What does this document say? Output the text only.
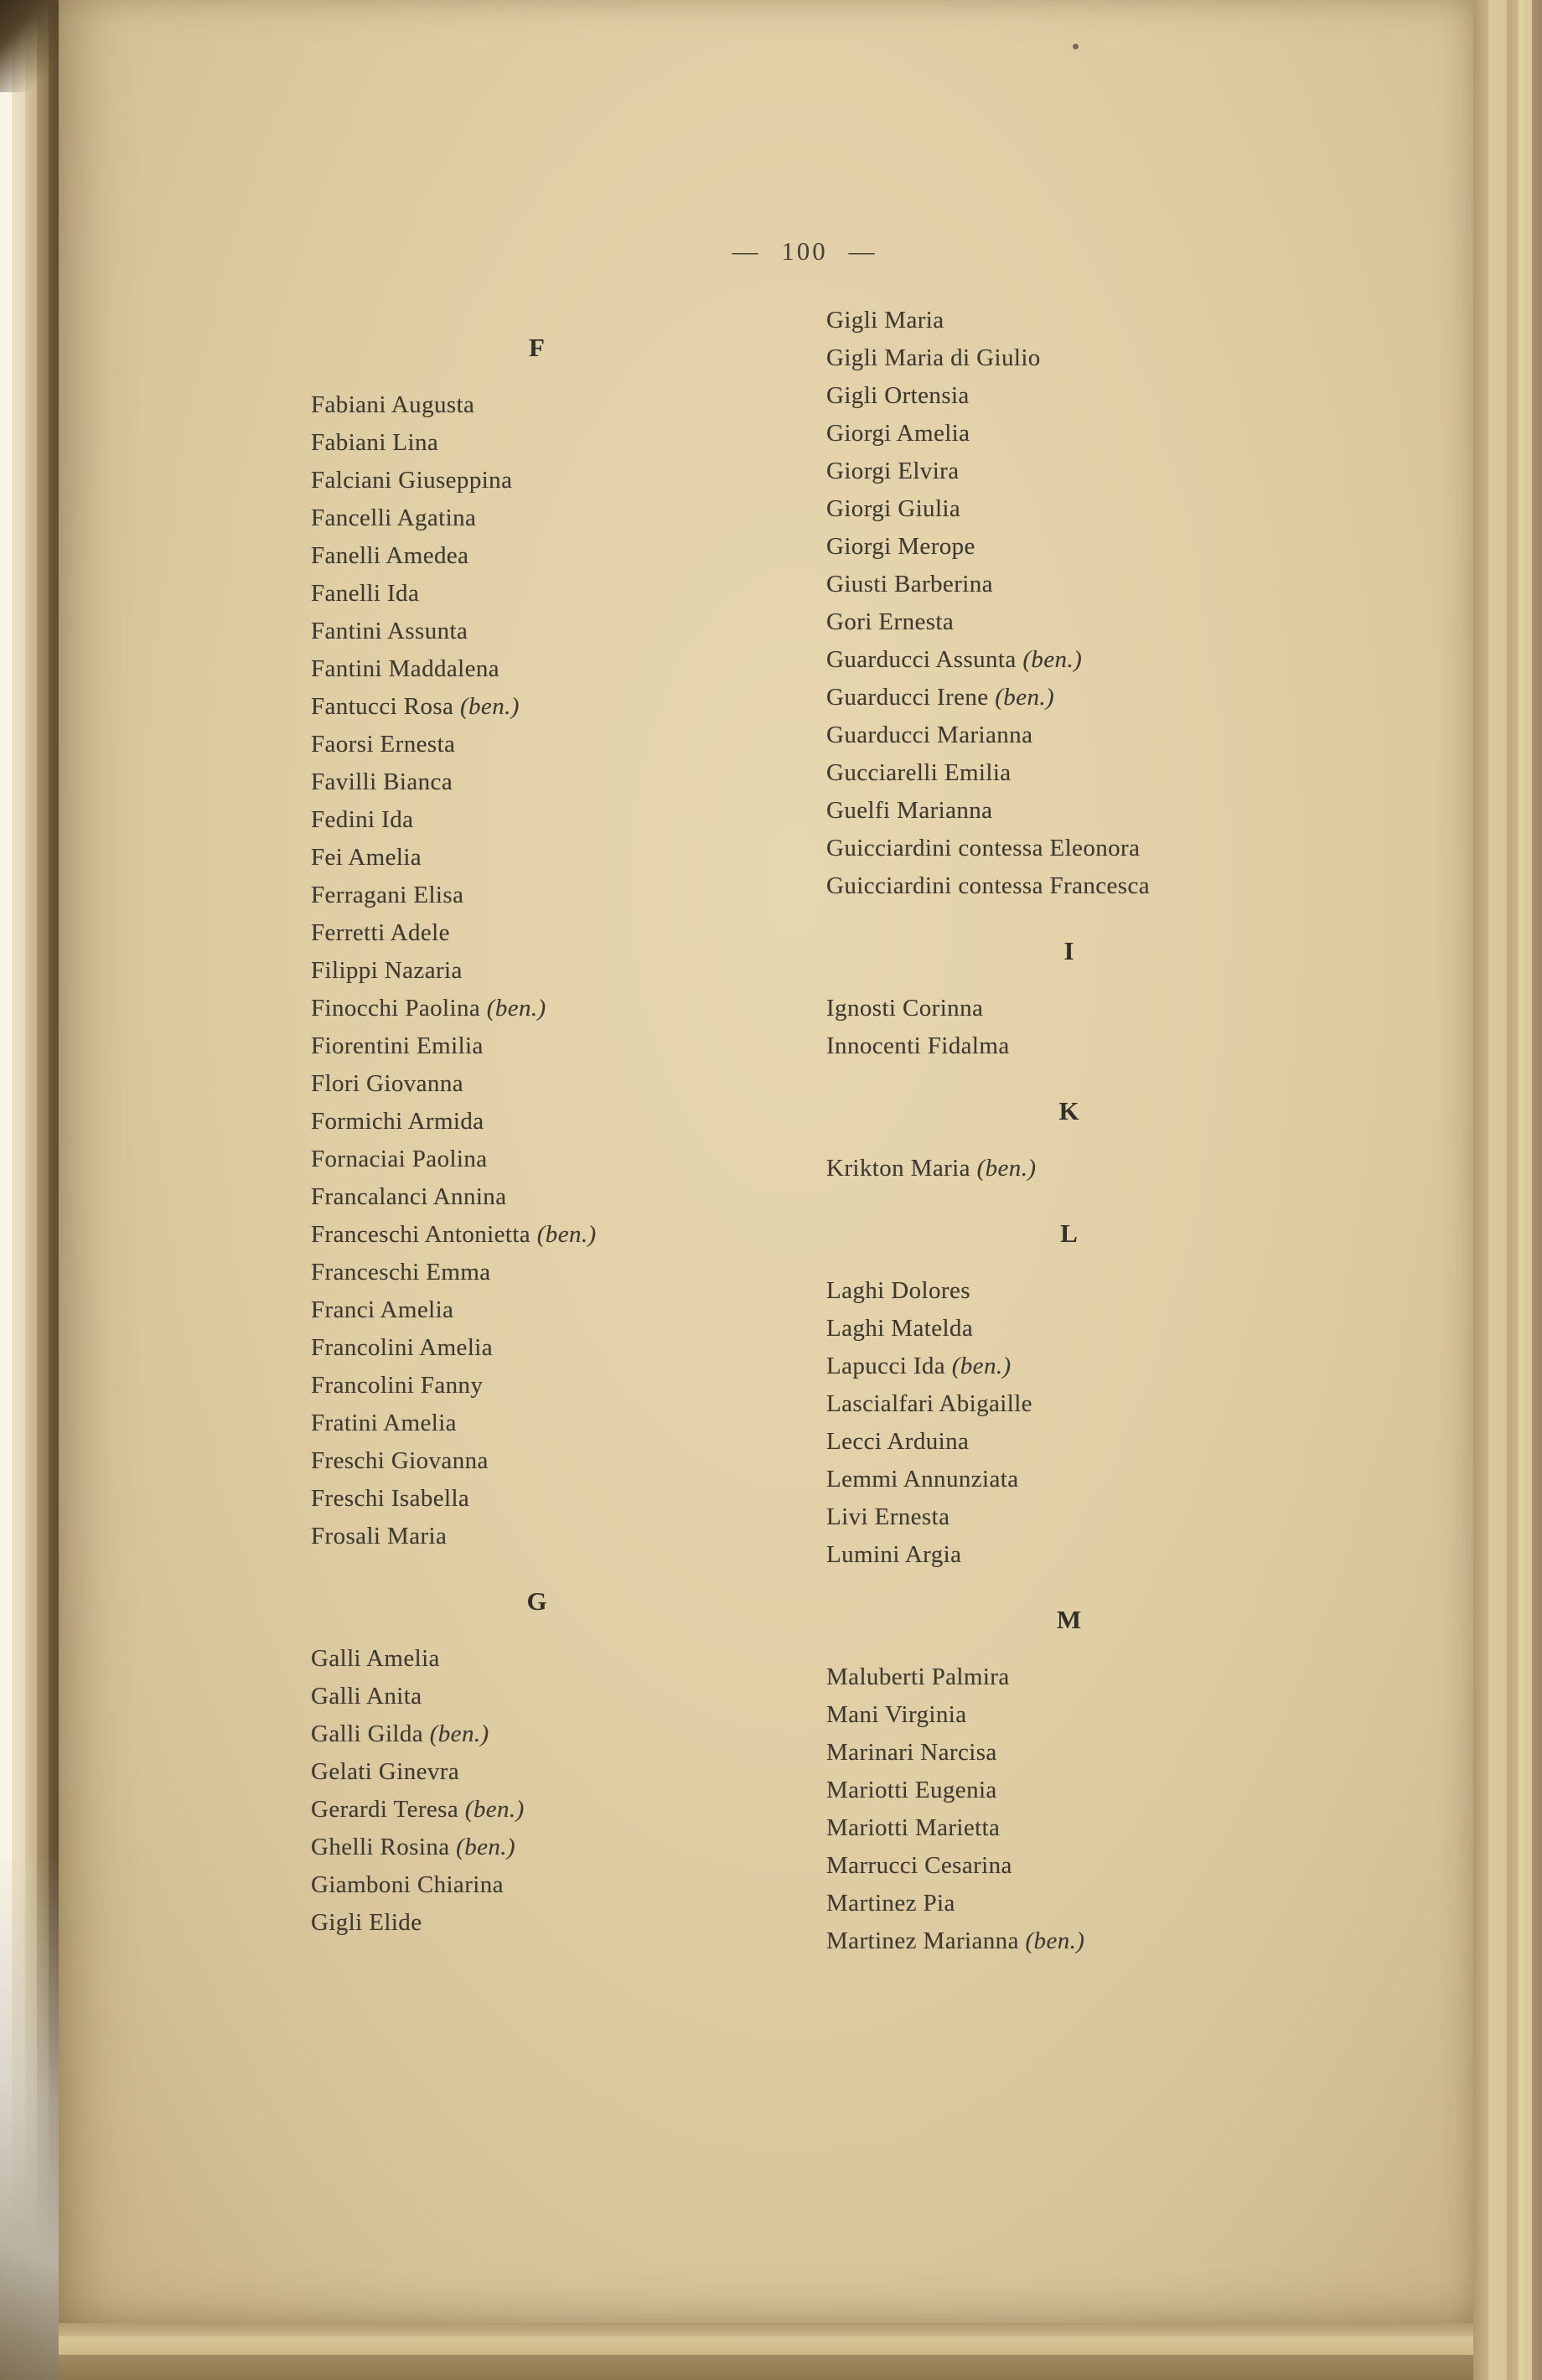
— 100 —
F
Fabiani Augusta
Fabiani Lina
Falciani Giuseppina
Fancelli Agatina
Fanelli Amedea
Fanelli Ida
Fantini Assunta
Fantini Maddalena
Fantucci Rosa (ben.)
Faorsi Ernesta
Favilli Bianca
Fedini Ida
Fei Amelia
Ferragani Elisa
Ferretti Adele
Filippi Nazaria
Finocchi Paolina (ben.)
Fiorentini Emilia
Flori Giovanna
Formichi Armida
Fornaciai Paolina
Francalanci Annina
Franceschi Antonietta (ben.)
Franceschi Emma
Franci Amelia
Francolini Amelia
Francolini Fanny
Fratini Amelia
Freschi Giovanna
Freschi Isabella
Frosali Maria
G
Galli Amelia
Galli Anita
Galli Gilda (ben.)
Gelati Ginevra
Gerardi Teresa (ben.)
Ghelli Rosina (ben.)
Giamboni Chiarina
Gigli Elide
Gigli Maria
Gigli Maria di Giulio
Gigli Ortensia
Giorgi Amelia
Giorgi Elvira
Giorgi Giulia
Giorgi Merope
Giusti Barberina
Gori Ernesta
Guarducci Assunta (ben.)
Guarducci Irene (ben.)
Guarducci Marianna
Gucciarelli Emilia
Guelfi Marianna
Guicciardini contessa Eleonora
Guicciardini contessa Francesca
I
Ignosti Corinna
Innocenti Fidalma
K
Krikton Maria (ben.)
L
Laghi Dolores
Laghi Matelda
Lapucci Ida (ben.)
Lascialfari Abigaille
Lecci Arduina
Lemmi Annunziata
Livi Ernesta
Lumini Argia
M
Maluberti Palmira
Mani Virginia
Marinari Narcisa
Mariotti Eugenia
Mariotti Marietta
Marrucci Cesarina
Martinez Pia
Martinez Marianna (ben.)
